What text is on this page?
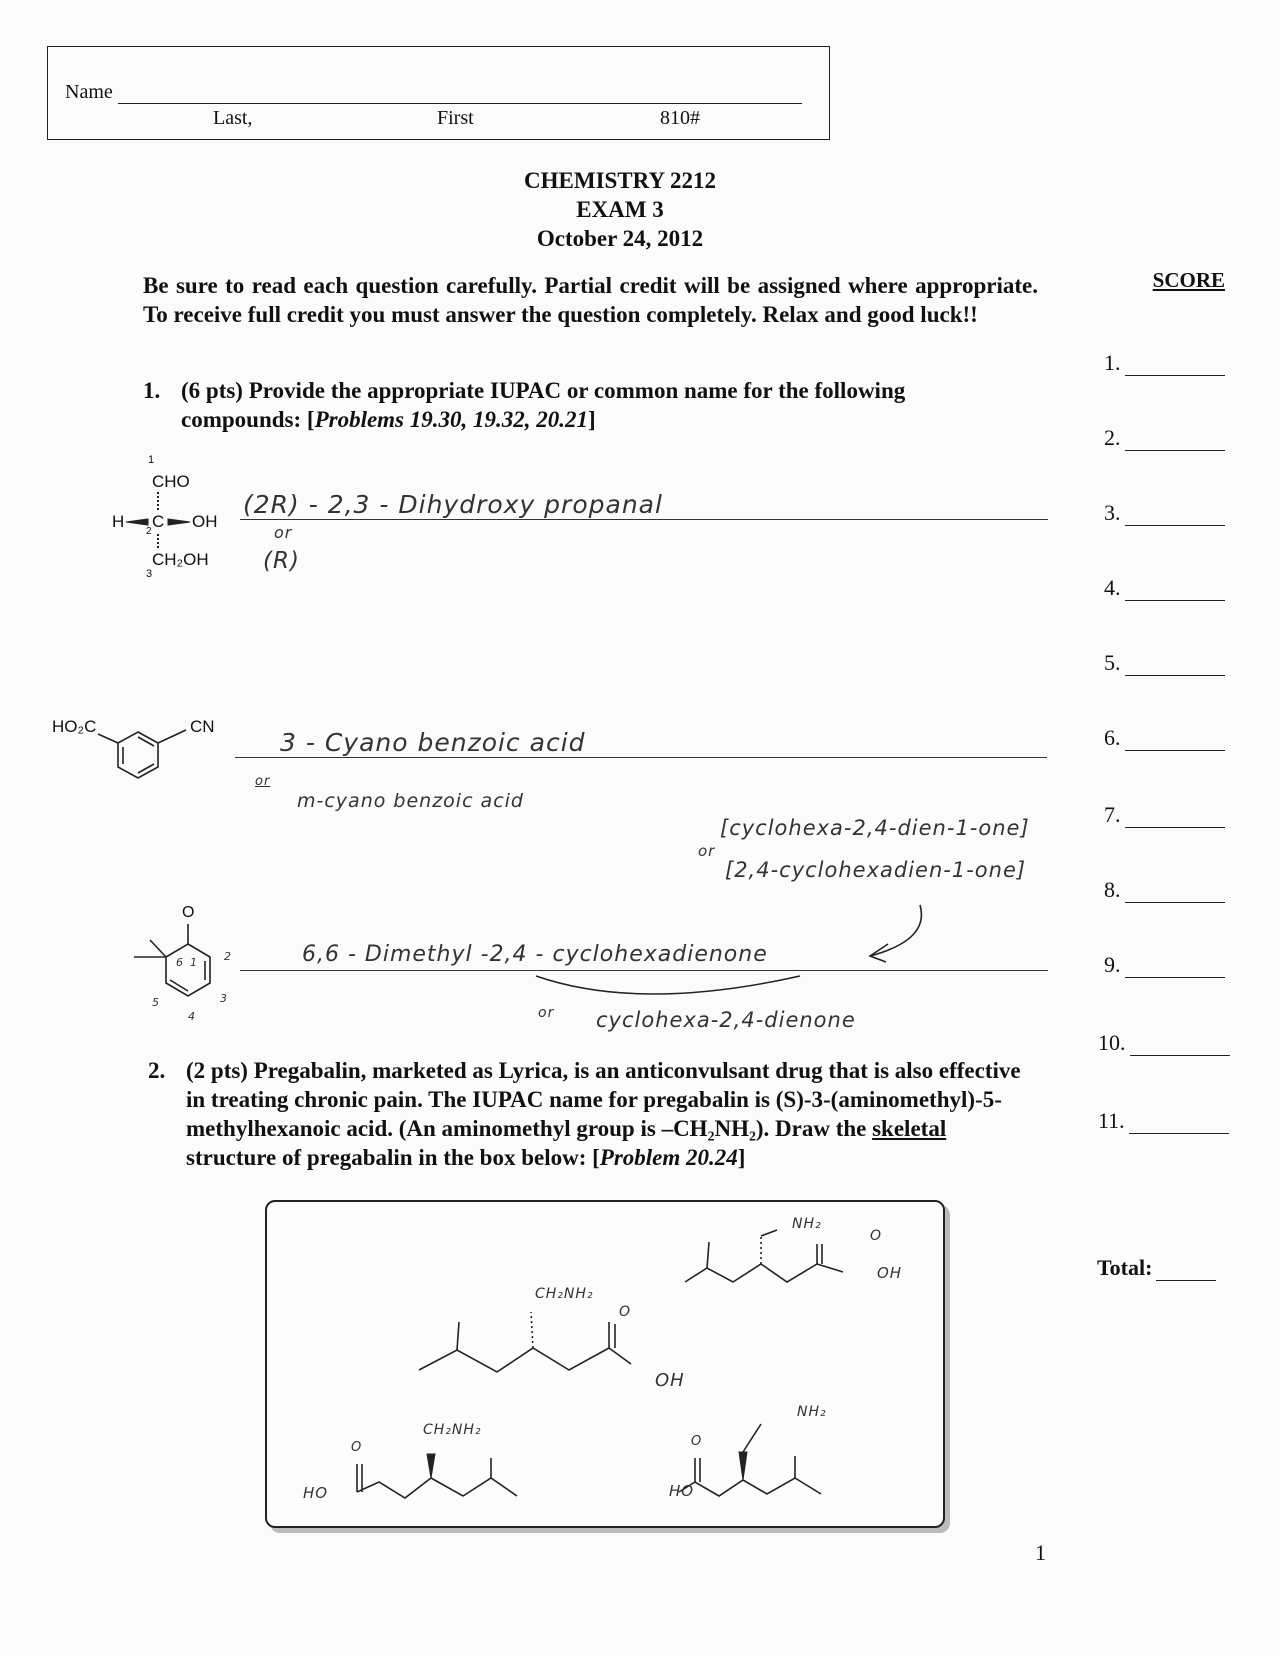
Name
Last,	First	810#
CHEMISTRY 2212
EXAM 3
October 24, 2012
Be sure to read each question carefully. Partial credit will be assigned where appropriate. To receive full credit you must answer the question completely. Relax and good luck!!
SCORE
1.
2.
3.
4.
5.
6.
7.
8.
9.
10.
11.
Total:
1. (6 pts) Provide the appropriate IUPAC or common name for the following compounds: [Problems 19.30, 19.32, 20.21]
1
CHO
H C OH
2
CH₂OH
3
(2R) - 2,3 - Dihydroxy propanal
or
(R)
HO₂C	CN
3 - Cyano benzoic acid
or
m-cyano benzoic acid
[cyclohexa-2,4-dien-1-one]
or
[2,4-cyclohexadien-1-one]
O
1 2
3
4
5
6	6,6 - Dimethyl -2,4 - cyclohexadienone
or cyclohexa-2,4-dienone
2. (2 pts) Pregabalin, marketed as Lyrica, is an anticonvulsant drug that is also effective in treating chronic pain. The IUPAC name for pregabalin is (S)-3-(aminomethyl)-5-methylhexanoic acid. (An aminomethyl group is –CH₂NH₂). Draw the skeletal structure of pregabalin in the box below: [Problem 20.24]
CH₂NH₂
O
OH
NH₂
O
OH
CH₂NH₂
O
HO
NH₂
O
HO
1
